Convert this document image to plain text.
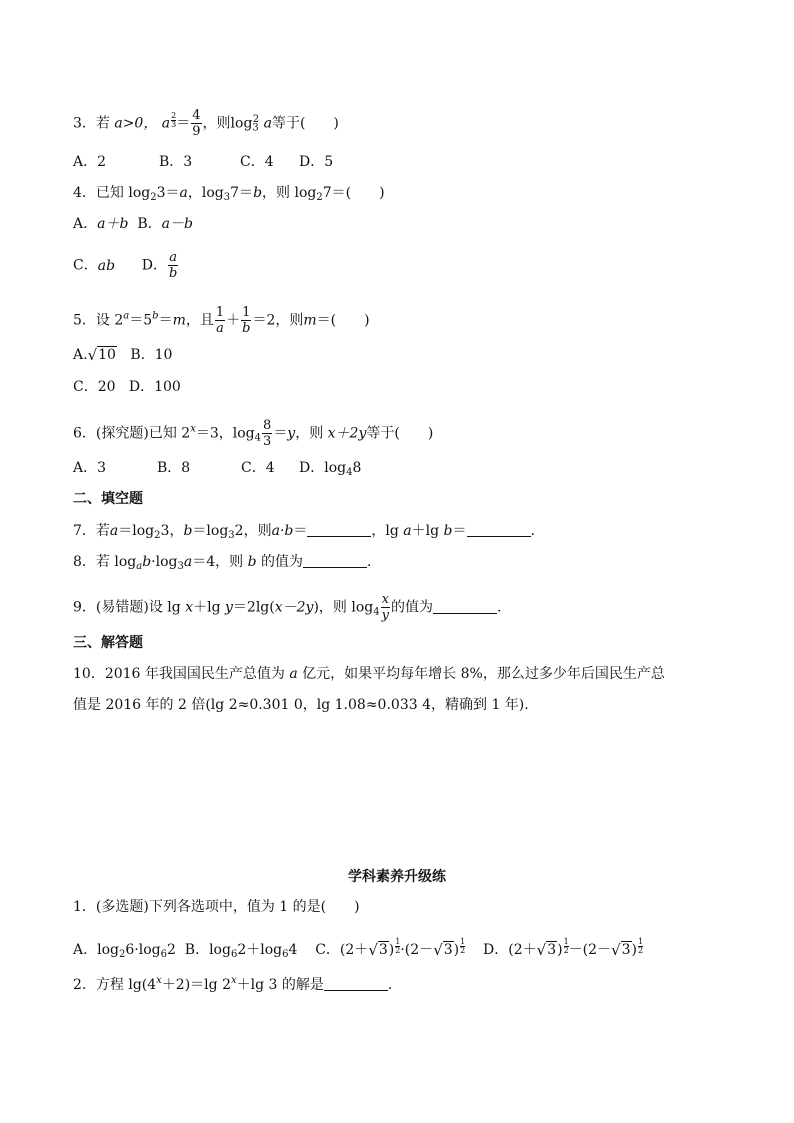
3．若 a>0， a $\frac{2}{3} = \frac{4}{9}$ ，则$\log_3^2 a$等于(　　)
A．2	B．3	C．4 D．5
4．已知 $\log_23=a$，$\log_37=b$，则 $\log_27=$(　　)
A．a＋b B．a－b
C．ab D． $\frac{a}{b}$
5．设 $2^a=5^b=m$，且 $\frac{1}{a} + \frac{1}{b} =2$，则m＝(　　)
A. √ 10 B．10
C．20 D．100
6．(探究题)已知 $2^x=3$，$\log_4 \frac{8}{3} =y$，则 x＋2y等于(　　)
A．3	B．8	C．4 D．$\log_48$
二、填空题
7．若$a=\log_23$，$b=\log_32$，则a·b＝	，lg a＋lg b＝	.
8．若 $\log_ab\cdot\log_3a=4$，则 b 的值为	.
9．(易错题)设 lg x＋lg y＝2lg(x－2y)，则 $\log_4 \frac{x}{y}$ 的值为	.
三、解答题
10．2016 年我国国民生产总值为 a 亿元，如果平均每年增长 8%，那么过多少年后国民生产总
值是 2016 年的 2 倍(lg 2≈0.301 0，lg 1.08≈0.033 4，精确到 1 年).
学科素养升级练
1．(多选题)下列各选项中，值为 1 的是(　　)
A．$\log_26\cdot\log_62$ B．$\log_62+\log_64$ C．(2＋ √ 3 ) $\frac{1}{2} \cdot(2-$ √ 3 ) $\frac{1}{2}$ D．(2＋ √ 3 ) $\frac{1}{2} -(2-$ √ 3 ) $\frac{1}{2}$
2．方程 $\lg(4^x+2)=\lg$ $2^x+\lg$ 3 的解是	.
